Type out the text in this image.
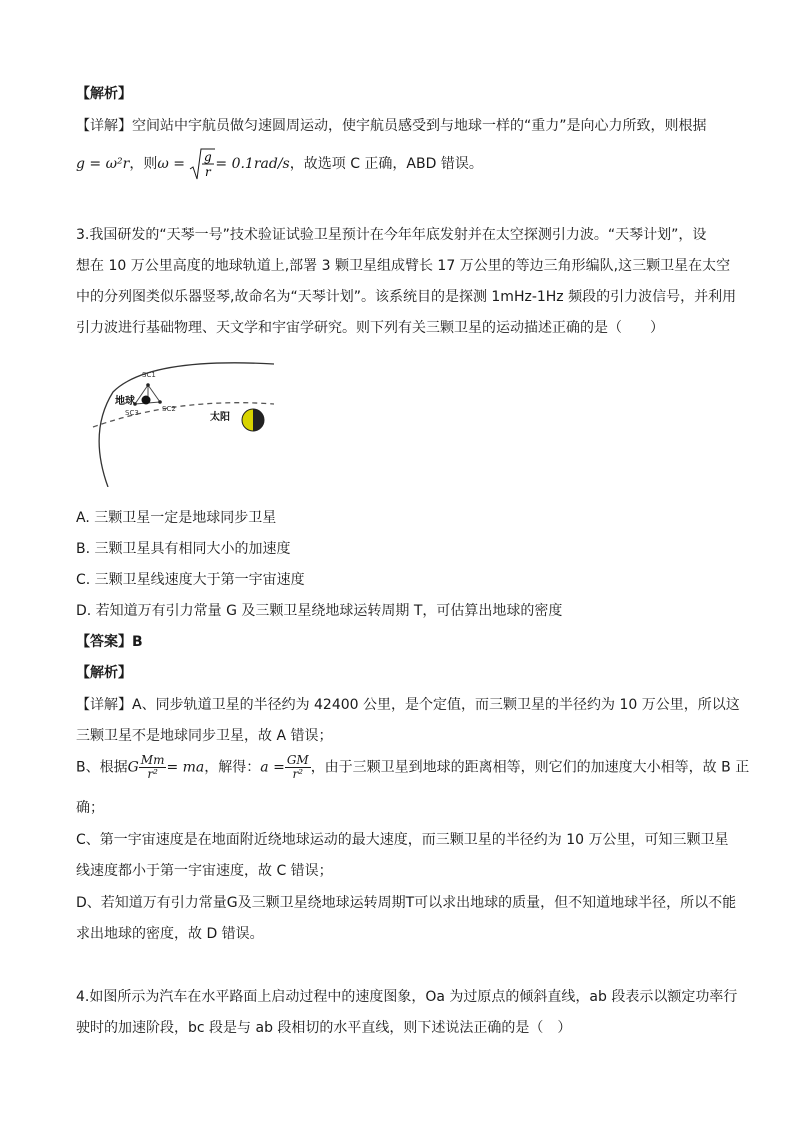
【解析】
【详解】空间站中宇航员做匀速圆周运动，使宇航员感受到与地球一样的“重力”是向心力所致，则根据
g = ω²r，则ω = g
r = 0.1rad/s，故选项 C 正确，ABD 错误。
3.我国研发的“天琴一号”技术验证试验卫星预计在今年年底发射并在太空探测引力波。“天琴计划”，设
想在 10 万公里高度的地球轨道上,部署 3 颗卫星组成臂长 17 万公里的等边三角形编队,这三颗卫星在太空
中的分列图类似乐器竖琴,故命名为“天琴计划”。该系统目的是探测 1mHz-1Hz 频段的引力波信号，并利用
引力波进行基础物理、天文学和宇宙学研究。则下列有关三颗卫星的运动描述正确的是（　　）
SC1
SC2
SC3
地球
太阳
A. 三颗卫星一定是地球同步卫星
B. 三颗卫星具有相同大小的加速度
C. 三颗卫星线速度大于第一宇宙速度
D. 若知道万有引力常量 G 及三颗卫星绕地球运转周期 T，可估算出地球的密度
【答案】B
【解析】
【详解】A、同步轨道卫星的半径约为 42400 公里，是个定值，而三颗卫星的半径约为 10 万公里，所以这
三颗卫星不是地球同步卫星，故 A 错误；
B、根据G $\frac{Mm}{\text{r²}}$ = ma，解得：$a = \frac{GM}{\text{r²}}$ ，由于三颗卫星到地球的距离相等，则它们的加速度大小相等，故 B 正
确；
C、第一宇宙速度是在地面附近绕地球运动的最大速度，而三颗卫星的半径约为 10 万公里，可知三颗卫星
线速度都小于第一宇宙速度，故 C 错误；
D、若知道万有引力常量G及三颗卫星绕地球运转周期T可以求出地球的质量，但不知道地球半径，所以不能
求出地球的密度，故 D 错误。
4.如图所示为汽车在水平路面上启动过程中的速度图象，Oa 为过原点的倾斜直线，ab 段表示以额定功率行
驶时的加速阶段，bc 段是与 ab 段相切的水平直线，则下述说法正确的是（　）
